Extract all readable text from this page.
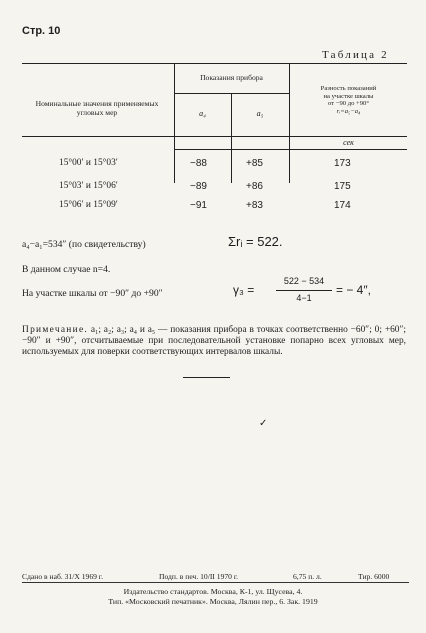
Стр. 10
Таблица 2
Номинальные значения применяемых угловых мер
Показания прибора
a₄	a₅
Разность показаний
на участке шкалы
от −90 до +90°
rᵢ=a₅−a₄
сек
15°00′ и 15°03′	−88	+85	173
15°03′ и 15°06′	−89	+86	175
15°06′ и 15°09′	−91	+83	174
a₄−a₁=534″ (по свидетельству)	Σrᵢ = 522.
В данном случае n=4.
На участке шкалы от −90″ до +90″	γ₃ =
522 − 534
4−1
= − 4″,
Примечание. a₁; a₂; a₃; a₄ и a₅ — показания прибора в точках соответственно −60″; 0; +60″; −90″ и +90″, отсчитываемые при последовательной установке попарно всех угловых мер, используемых для поверки соответствующих интервалов шкалы.
✓
Сдано в наб. 31/X 1969 г.	Подп. в печ. 10/II 1970 г.	6,75 п. л.	Тир. 6000
Издательство стандартов. Москва, К-1, ул. Щусева, 4.
Тип. «Московский печатник». Москва, Лялин пер., 6. Зак. 1919
